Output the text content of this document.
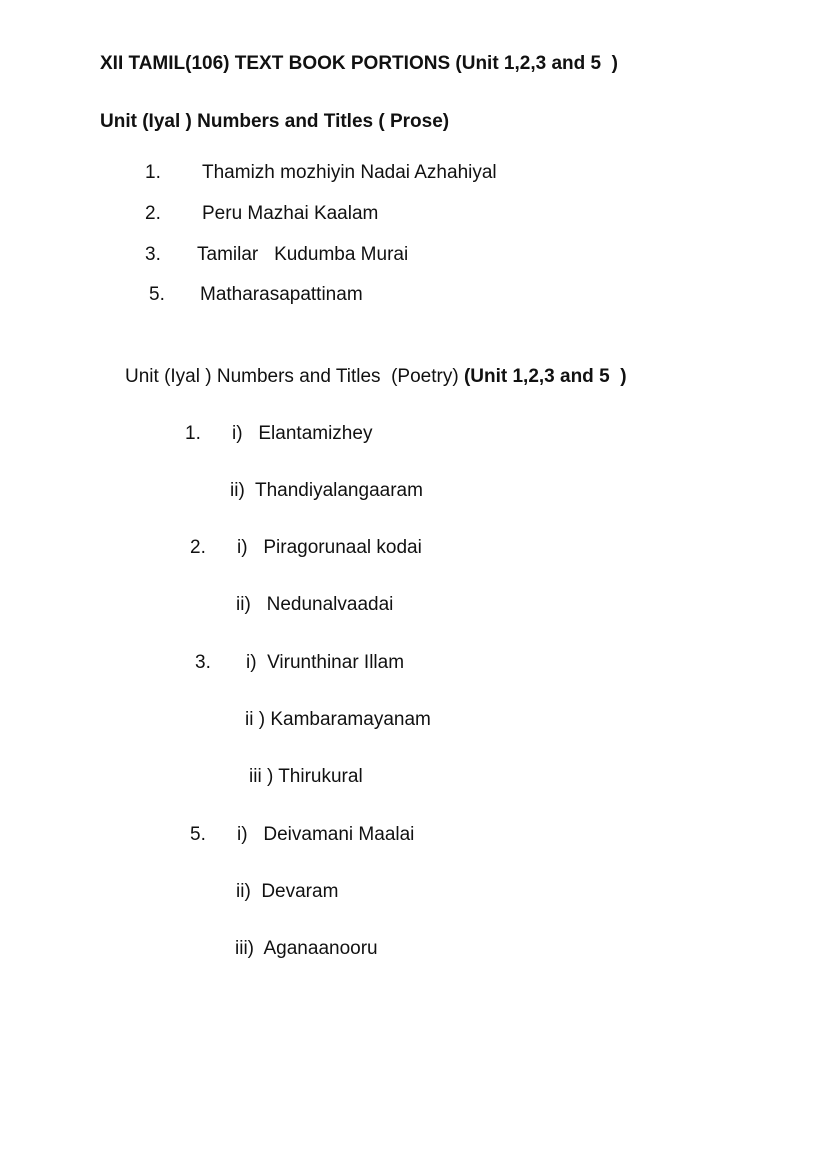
XII TAMIL(106) TEXT BOOK PORTIONS (Unit 1,2,3 and 5  )
Unit (Iyal ) Numbers and Titles ( Prose)
1. Thamizh mozhiyin Nadai Azhahiyal
2. Peru Mazhai Kaalam
3. Tamilar   Kudumba Murai
5. Matharasapattinam
Unit (Iyal ) Numbers and Titles  (Poetry) (Unit 1,2,3 and 5  )
1. i)   Elantamizhey
ii)  Thandiyalangaaram
2. i)   Piragorunaal kodai
ii)   Nedunalvaadai
3. i)  Virunthinar Illam
ii ) Kambaramayanam
iii ) Thirukural
5. i)   Deivamani Maalai
ii)  Devaram
iii)  Aganaanooru
